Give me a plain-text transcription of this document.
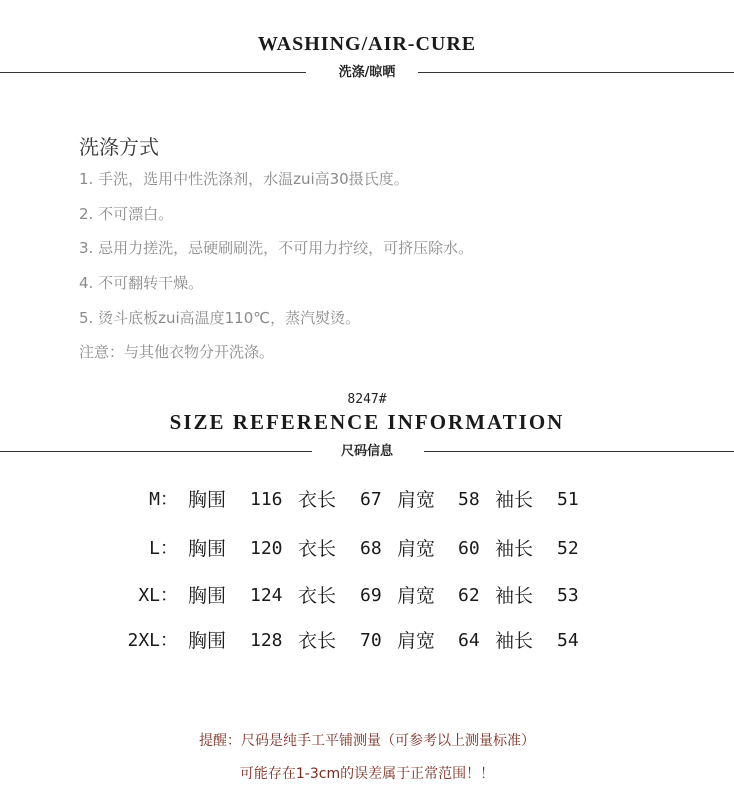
WASHING/AIR-CURE
洗涤/晾晒
洗涤方式
1. 手洗，选用中性洗涤剂，水温zui高30摄氏度。
2. 不可漂白。
3. 忌用力搓洗，忌硬刷刷洗，不可用力拧绞，可挤压除水。
4. 不可翻转干燥。
5. 烫斗底板zui高温度110℃，蒸汽熨烫。
注意：与其他衣物分开洗涤。
8247#
SIZE REFERENCE INFORMATION
尺码信息
M： 胸围 116 衣长 67 肩宽 58 袖长 51
L： 胸围 120 衣长 68 肩宽 60 袖长 52
XL： 胸围 124 衣长 69 肩宽 62 袖长 53
2XL： 胸围 128 衣长 70 肩宽 64 袖长 54
提醒：尺码是纯手工平铺测量（可参考以上测量标准）
可能存在1-3cm的误差属于正常范围！！
